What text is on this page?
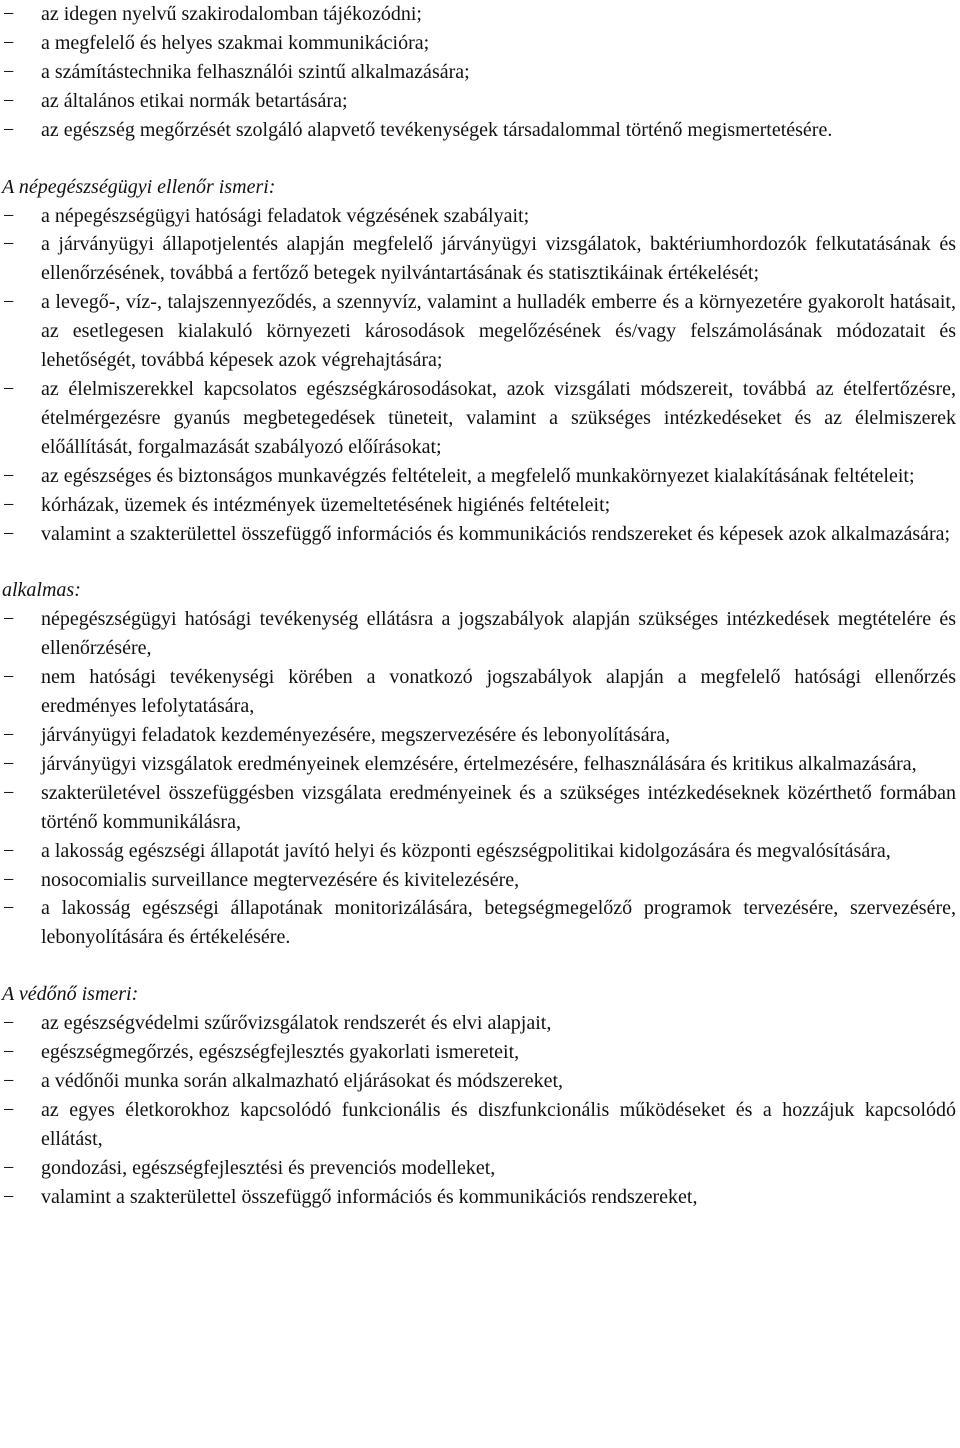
−	az idegen nyelvű szakirodalomban tájékozódni;
−	a megfelelő és helyes szakmai kommunikációra;
−	a számítástechnika felhasználói szintű alkalmazására;
−	az általános etikai normák betartására;
−	az egészség megőrzését szolgáló alapvető tevékenységek társadalommal történő megismertetésére.

A népegészségügyi ellenőr ismeri:

−	a népegészségügyi hatósági feladatok végzésének szabályait;
−	a járványügyi állapotjelentés alapján megfelelő járványügyi vizsgálatok, baktériumhordozók felkutatásának és ellenőrzésének, továbbá a fertőző betegek nyilvántartásának és statisztikáinak értékelését;
−	a levegő-, víz-, talajszennyeződés, a szennyvíz, valamint a hulladék emberre és a környezetére gyakorolt hatásait, az esetlegesen kialakuló környezeti károsodások megelőzésének és/vagy felszámolásának módozatait és lehetőségét, továbbá képesek azok végrehajtására;
−	az élelmiszerekkel kapcsolatos egészségkárosodásokat, azok vizsgálati módszereit, továbbá az ételfertőzésre, ételmérgezésre gyanús megbetegedések tüneteit, valamint a szükséges intézkedéseket és az élelmiszerek előállítását, forgalmazását szabályozó előírásokat;
−	az egészséges és biztonságos munkavégzés feltételeit, a megfelelő munkakörnyezet kialakításának feltételeit;
−	kórházak, üzemek és intézmények üzemeltetésének higiénés feltételeit;
−	valamint a szakterülettel összefüggő információs és kommunikációs rendszereket és képesek azok alkalmazására;

alkalmas:

−	népegészségügyi hatósági tevékenység ellátásra a jogszabályok alapján szükséges intézkedések megtételére és ellenőrzésére,
−	nem hatósági tevékenységi körében a vonatkozó jogszabályok alapján a megfelelő hatósági ellenőrzés eredményes lefolytatására,
−	járványügyi feladatok kezdeményezésére, megszervezésére és lebonyolítására,
−	járványügyi vizsgálatok eredményeinek elemzésére, értelmezésére, felhasználására és kritikus alkalmazására,
−	szakterületével összefüggésben vizsgálata eredményeinek és a szükséges intézkedéseknek közérthető formában történő kommunikálásra,
−	a lakosság egészségi állapotát javító helyi és központi egészségpolitikai kidolgozására és megvalósítására,
−	nosocomialis surveillance megtervezésére és kivitelezésére,
−	a lakosság egészségi állapotának monitorizálására, betegségmegelőző programok tervezésére, szervezésére, lebonyolítására és értékelésére.

A védőnő ismeri:

−	az egészségvédelmi szűrővizsgálatok rendszerét és elvi alapjait,
−	egészségmegőrzés, egészségfejlesztés gyakorlati ismereteit,
−	a védőnői munka során alkalmazható eljárásokat és módszereket,
−	az egyes életkorokhoz kapcsolódó funkcionális és diszfunkcionális működéseket és a hozzájuk kapcsolódó ellátást,
−	gondozási, egészségfejlesztési és prevenciós modelleket,
−	valamint a szakterülettel összefüggő információs és kommunikációs rendszereket,
